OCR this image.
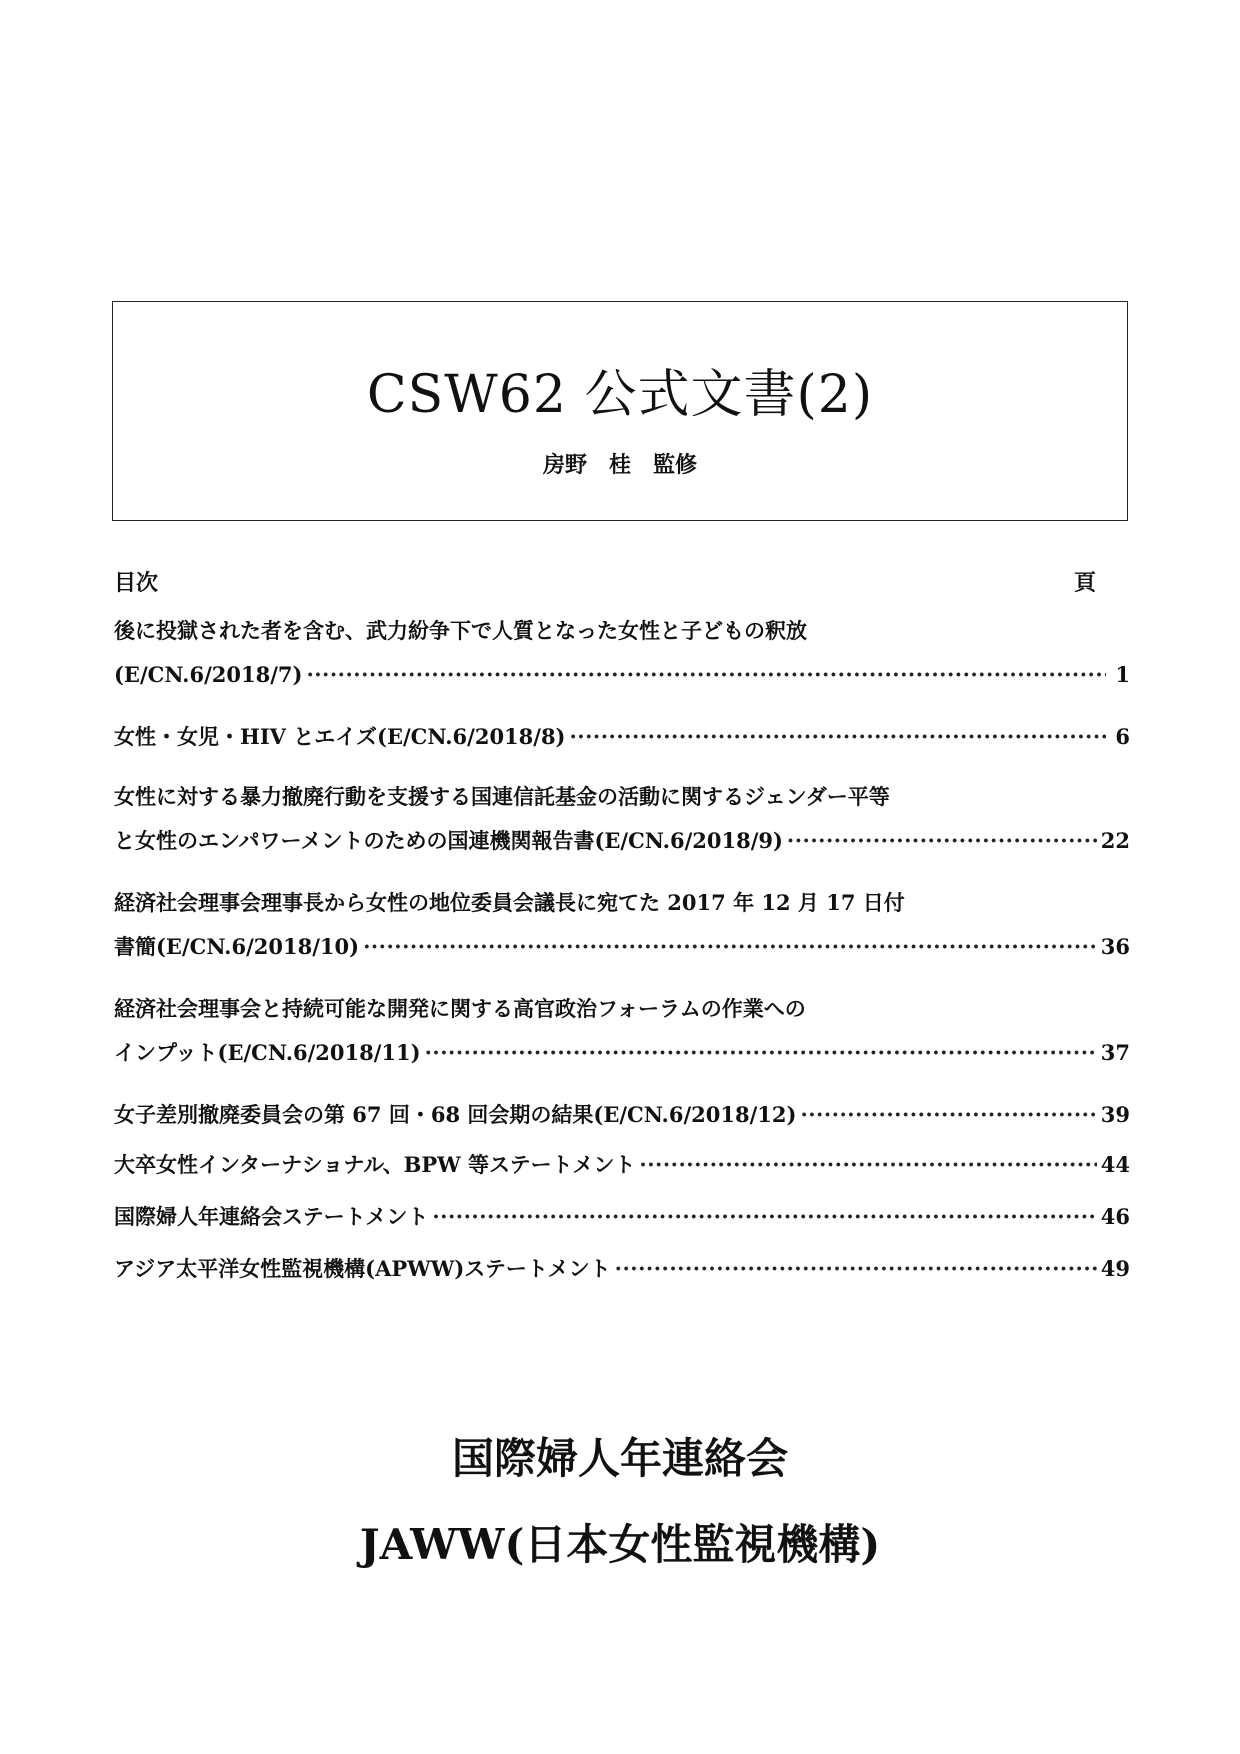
CSW62 公式文書(2)
房野　桂　監修
目次	頁
後に投獄された者を含む、武力紛争下で人質となった女性と子どもの釈放
(E/CN.6/2018/7) ·····	1
女性・女児・HIV とエイズ(E/CN.6/2018/8) ·····	6
女性に対する暴力撤廃行動を支援する国連信託基金の活動に関するジェンダー平等
と女性のエンパワーメントのための国連機関報告書(E/CN.6/2018/9) ·····	22
経済社会理事会理事長から女性の地位委員会議長に宛てた 2017 年 12 月 17 日付
書簡(E/CN.6/2018/10) ·····	36
経済社会理事会と持続可能な開発に関する高官政治フォーラムの作業への
インプット(E/CN.6/2018/11) ·····	37
女子差別撤廃委員会の第 67 回・68 回会期の結果(E/CN.6/2018/12) ·····	39
大卒女性インターナショナル、BPW 等ステートメント ·····	44
国際婦人年連絡会ステートメント ·····	46
アジア太平洋女性監視機構(APWW)ステートメント ·····	49
国際婦人年連絡会
JAWW(日本女性監視機構)
